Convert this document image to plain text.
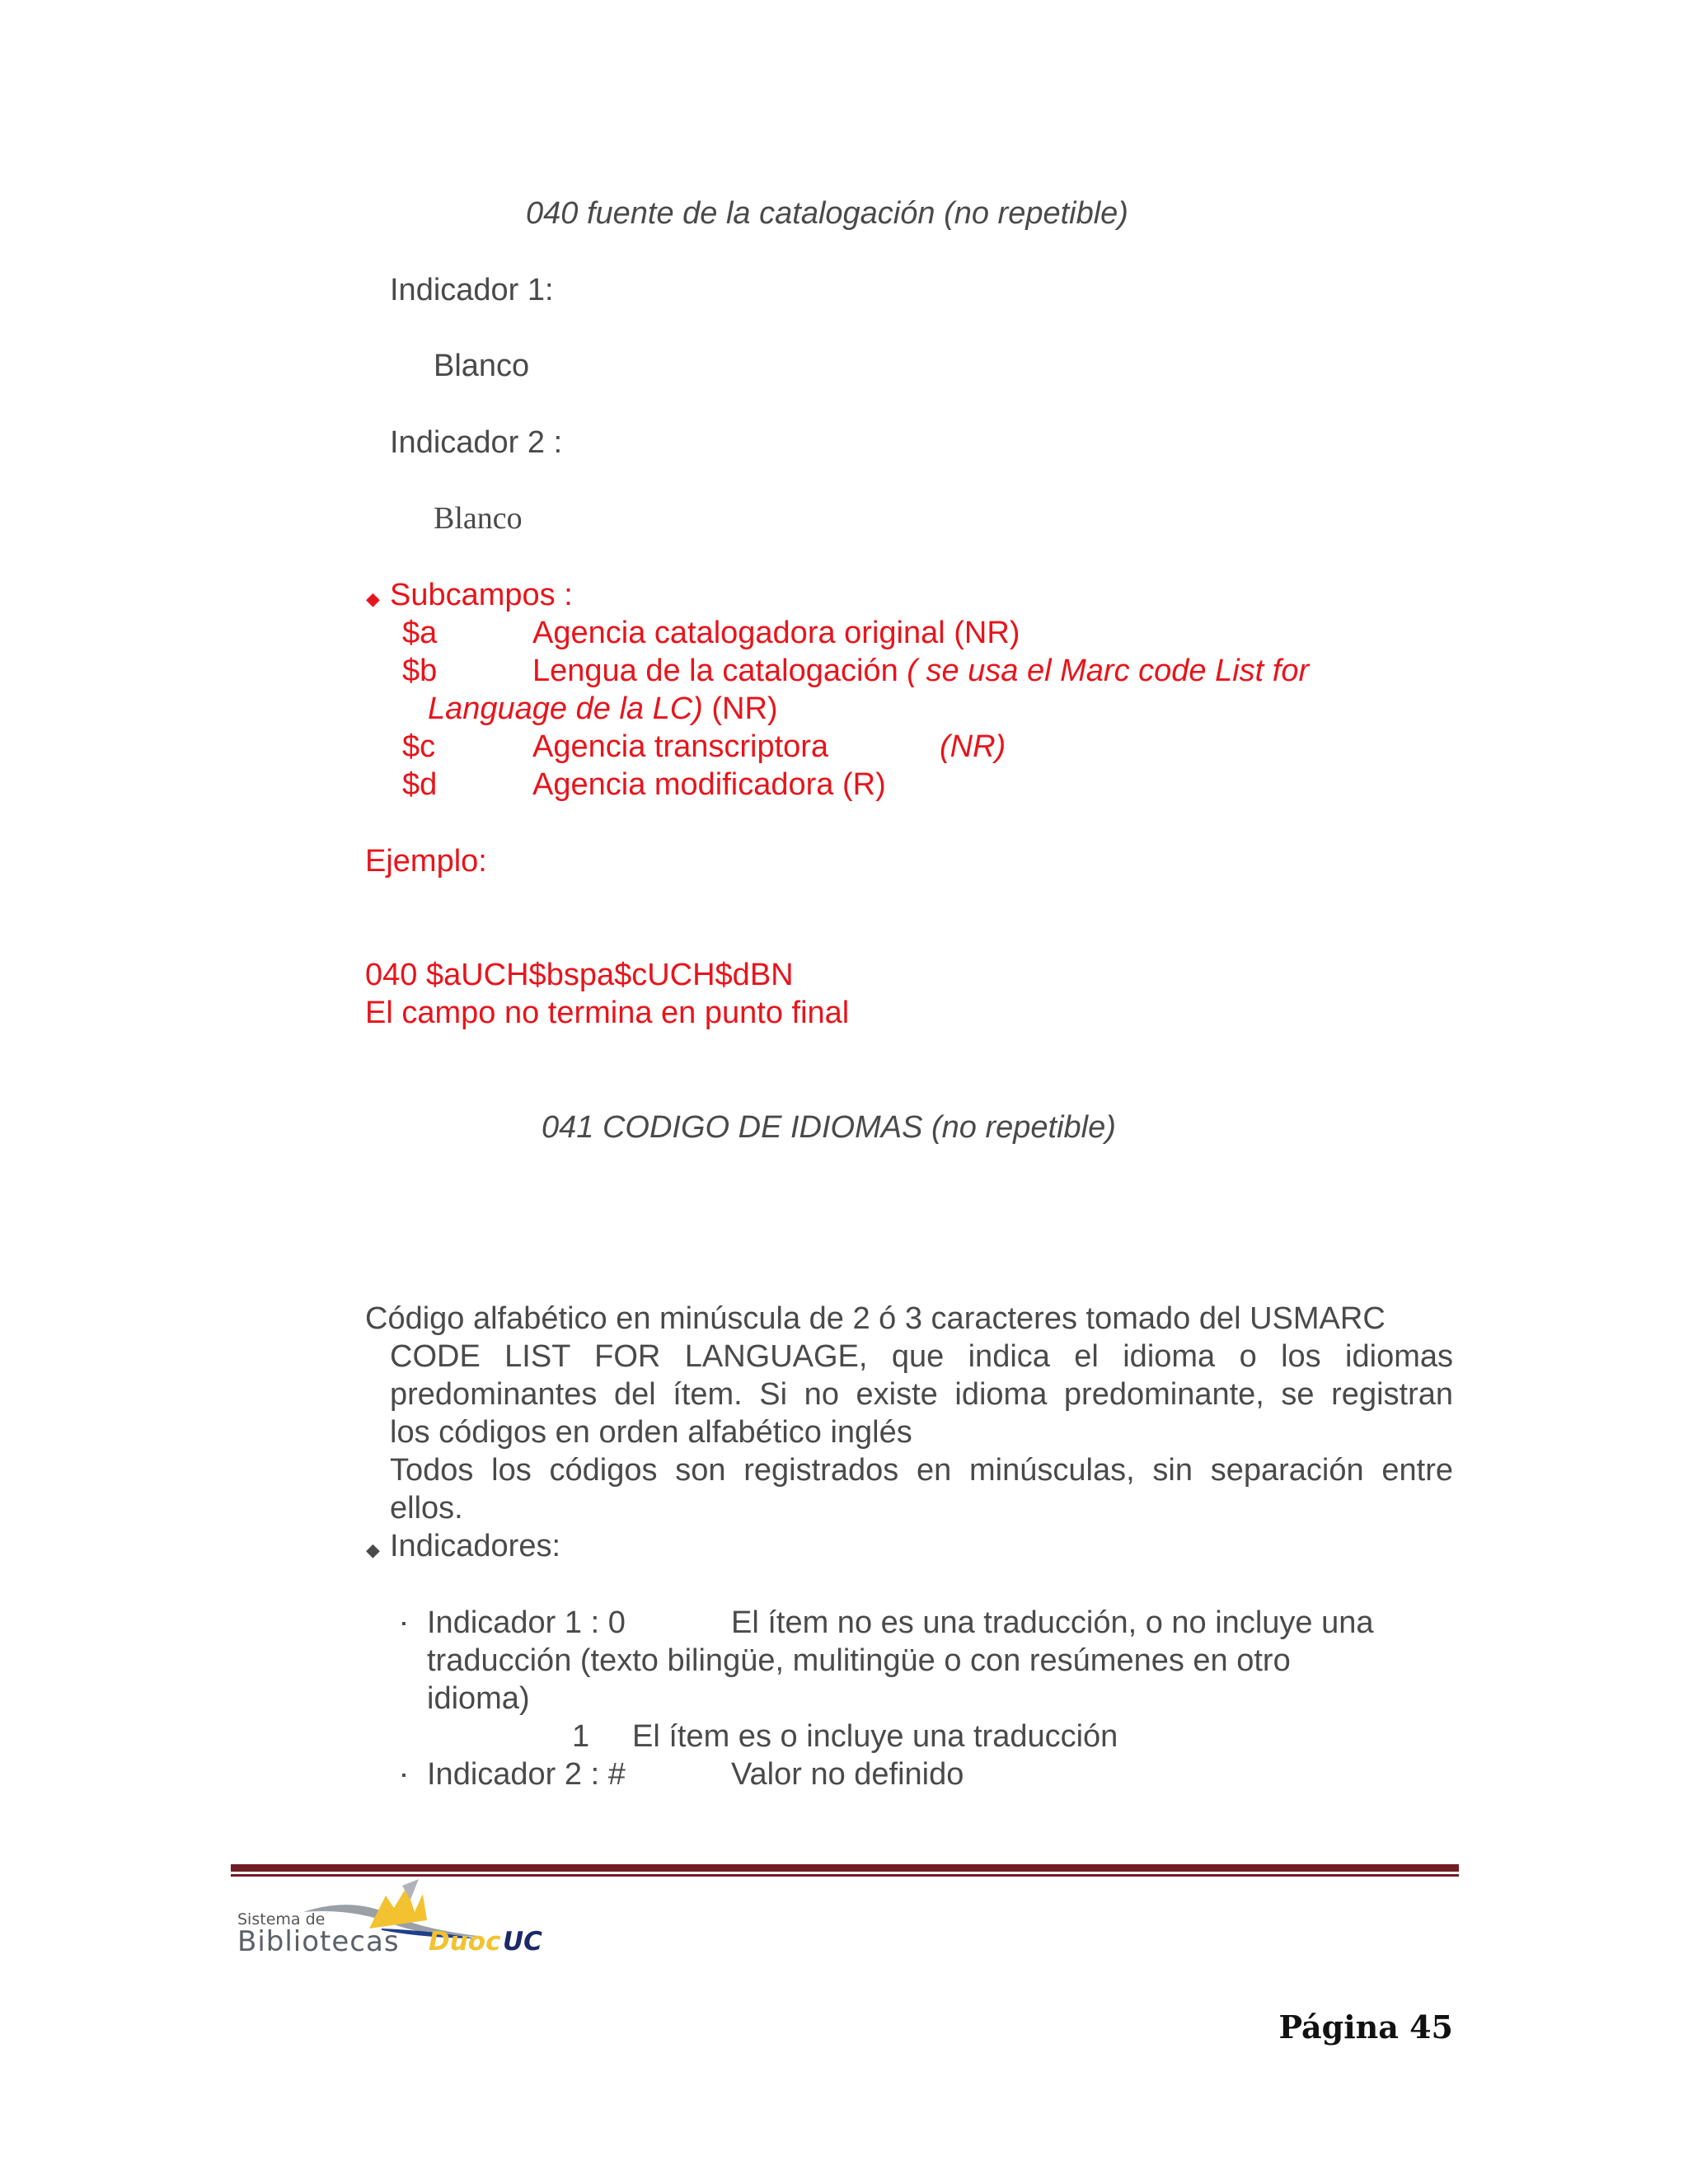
040 fuente de la catalogación (no repetible)
Indicador 1:
Blanco
Indicador 2 :
Blanco
◆ Subcampos :
$a	Agencia catalogadora original (NR)
$b	Lengua de la catalogación ( se usa el Marc code List for
Language de la LC) (NR)
$c	Agencia transcriptora	(NR)
$d	Agencia modificadora (R)
Ejemplo:
040 $aUCH$bspa$cUCH$dBN
El campo no termina en punto final
041 CODIGO DE IDIOMAS (no repetible)
Código alfabético en minúscula de 2 ó 3 caracteres tomado del USMARC
CODE LIST FOR LANGUAGE, que indica el idioma o los idiomas
predominantes del ítem. Si no existe idioma predominante, se registran
los códigos en orden alfabético inglés
Todos los códigos son registrados en minúsculas, sin separación entre
ellos.
◆ Indicadores:
▪ Indicador 1 : 0	El ítem no es una traducción, o no incluye una
traducción (texto bilingüe, mulitingüe o con resúmenes en otro
idioma)
1 El ítem es o incluye una traducción
▪ Indicador 2 : #	Valor no definido
Sistema de
Bibliotecas Duoc UC
Página 45
